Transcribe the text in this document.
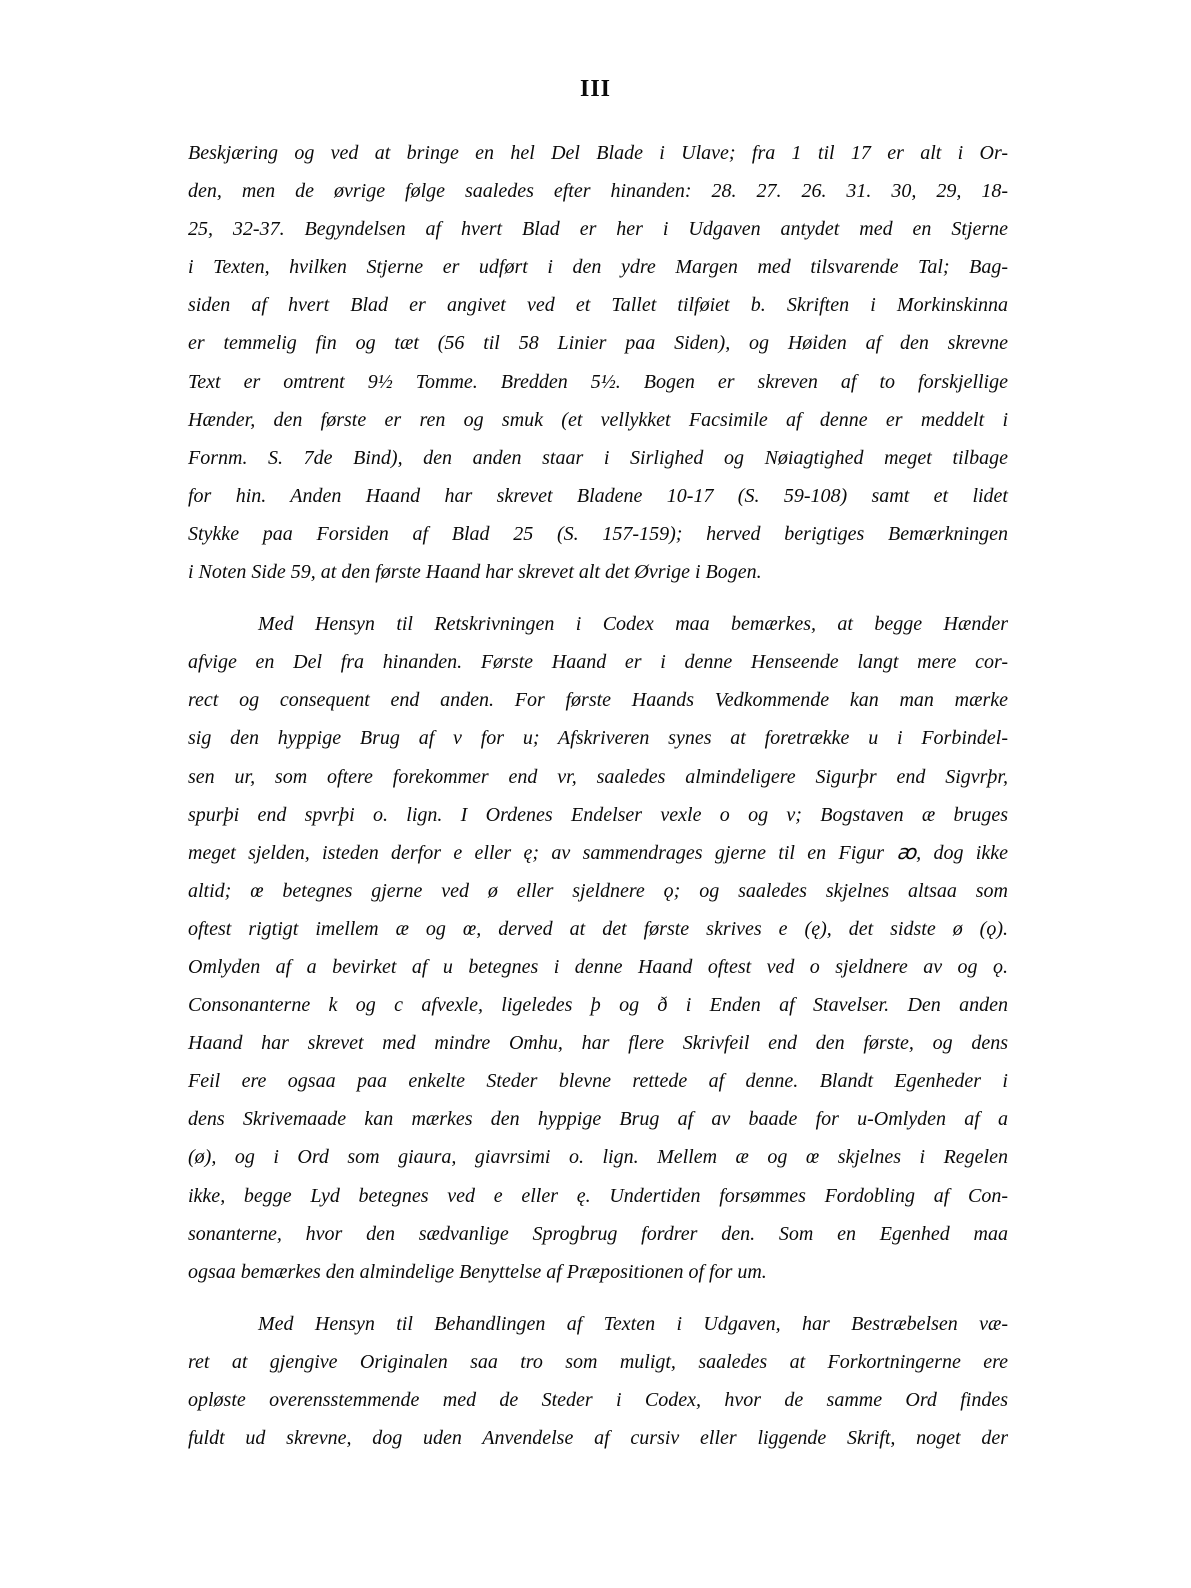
III
Beskjæring og ved at bringe en hel Del Blade i Ulave; fra 1 til 17 er alt i Or-
den, men de øvrige følge saaledes efter hinanden: 28. 27. 26. 31. 30, 29, 18-
25, 32-37. Begyndelsen af hvert Blad er her i Udgaven antydet med en Stjerne
i Texten, hvilken Stjerne er udført i den ydre Margen med tilsvarende Tal; Bag-
siden af hvert Blad er angivet ved et Tallet tilføiet b. Skriften i Morkinskinna
er temmelig fin og tæt (56 til 58 Linier paa Siden), og Høiden af den skrevne
Text er omtrent 9½ Tomme. Bredden 5½. Bogen er skreven af to forskjellige
Hænder, den første er ren og smuk (et vellykket Facsimile af denne er meddelt i
Fornm. S. 7de Bind), den anden staar i Sirlighed og Nøiagtighed meget tilbage
for hin. Anden Haand har skrevet Bladene 10-17 (S. 59-108) samt et lidet
Stykke paa Forsiden af Blad 25 (S. 157-159); herved berigtiges Bemærkningen
i Noten Side 59, at den første Haand har skrevet alt det Øvrige i Bogen.
Med Hensyn til Retskrivningen i Codex maa bemærkes, at begge Hænder
afvige en Del fra hinanden. Første Haand er i denne Henseende langt mere cor-
rect og consequent end anden. For første Haands Vedkommende kan man mærke
sig den hyppige Brug af v for u; Afskriveren synes at foretrække u i Forbindel-
sen ur, som oftere forekommer end vr, saaledes almindeligere Sigurþr end Sigvrþr,
spurþi end spvrþi o. lign. I Ordenes Endelser vexle o og v; Bogstaven æ bruges
meget sjelden, isteden derfor e eller ę; av sammendrages gjerne til en Figur ꜵ, dog ikke
altid; œ betegnes gjerne ved ø eller sjeldnere ǫ; og saaledes skjelnes altsaa som
oftest rigtigt imellem æ og œ, derved at det første skrives e (ę), det sidste ø (ǫ).
Omlyden af a bevirket af u betegnes i denne Haand oftest ved o sjeldnere av og ǫ.
Consonanterne k og c afvexle, ligeledes þ og ð i Enden af Stavelser. Den anden
Haand har skrevet med mindre Omhu, har flere Skrivfeil end den første, og dens
Feil ere ogsaa paa enkelte Steder blevne rettede af denne. Blandt Egenheder i
dens Skrivemaade kan mærkes den hyppige Brug af av baade for u-Omlyden af a
(ø), og i Ord som giaura, giavrsimi o. lign. Mellem æ og œ skjelnes i Regelen
ikke, begge Lyd betegnes ved e eller ę. Undertiden forsømmes Fordobling af Con-
sonanterne, hvor den sædvanlige Sprogbrug fordrer den. Som en Egenhed maa
ogsaa bemærkes den almindelige Benyttelse af Præpositionen of for um.
Med Hensyn til Behandlingen af Texten i Udgaven, har Bestræbelsen væ-
ret at gjengive Originalen saa tro som muligt, saaledes at Forkortningerne ere
opløste overensstemmende med de Steder i Codex, hvor de samme Ord findes
fuldt ud skrevne, dog uden Anvendelse af cursiv eller liggende Skrift, noget der
